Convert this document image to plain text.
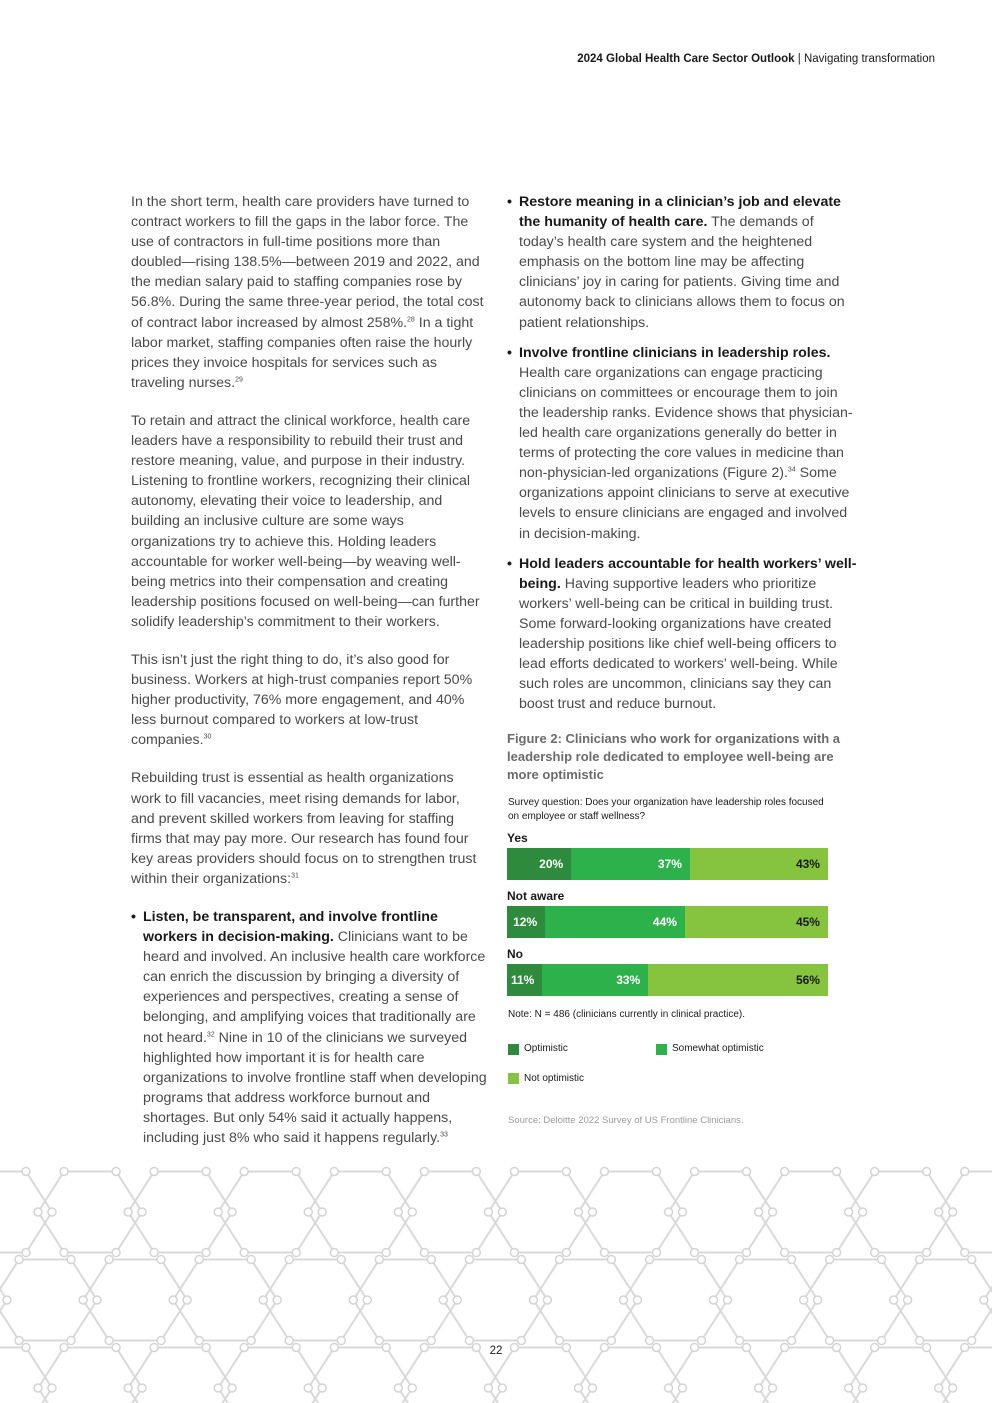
2024 Global Health Care Sector Outlook | Navigating transformation

In the short term, health care providers have turned to contract workers to fill the gaps in the labor force. The use of contractors in full-time positions more than doubled—rising 138.5%—between 2019 and 2022, and the median salary paid to staffing companies rose by 56.8%. During the same three-year period, the total cost of contract labor increased by almost 258%.$^{28}$ In a tight labor market, staffing companies often raise the hourly prices they invoice hospitals for services such as traveling nurses.$^{29}$

To retain and attract the clinical workforce, health care leaders have a responsibility to rebuild their trust and restore meaning, value, and purpose in their industry. Listening to frontline workers, recognizing their clinical autonomy, elevating their voice to leadership, and building an inclusive culture are some ways organizations try to achieve this. Holding leaders accountable for worker well-being—by weaving well-being metrics into their compensation and creating leadership positions focused on well-being—can further solidify leadership’s commitment to their workers.

This isn’t just the right thing to do, it’s also good for business. Workers at high-trust companies report 50% higher productivity, 76% more engagement, and 40% less burnout compared to workers at low-trust companies.$^{30}$

Rebuilding trust is essential as health organizations work to fill vacancies, meet rising demands for labor, and prevent skilled workers from leaving for staffing firms that may pay more. Our research has found four key areas providers should focus on to strengthen trust within their organizations:$^{31}$

• Listen, be transparent, and involve frontline workers in decision-making. Clinicians want to be heard and involved. An inclusive health care workforce can enrich the discussion by bringing a diversity of experiences and perspectives, creating a sense of belonging, and amplifying voices that traditionally are not heard.$^{32}$ Nine in 10 of the clinicians we surveyed highlighted how important it is for health care organizations to involve frontline staff when developing programs that address workforce burnout and shortages. But only 54% said it actually happens, including just 8% who said it happens regularly.$^{33}$
• Restore meaning in a clinician’s job and elevate the humanity of health care. The demands of today’s health care system and the heightened emphasis on the bottom line may be affecting clinicians’ joy in caring for patients. Giving time and autonomy back to clinicians allows them to focus on patient relationships.
• Involve frontline clinicians in leadership roles. Health care organizations can engage practicing clinicians on committees or encourage them to join the leadership ranks. Evidence shows that physician-led health care organizations generally do better in terms of protecting the core values in medicine than non-physician-led organizations (Figure 2).$^{34}$ Some organizations appoint clinicians to serve at executive levels to ensure clinicians are engaged and involved in decision-making.
• Hold leaders accountable for health workers’ well-being. Having supportive leaders who prioritize workers’ well-being can be critical in building trust. Some forward-looking organizations have created leadership positions like chief well-being officers to lead efforts dedicated to workers’ well-being. While such roles are uncommon, clinicians say they can boost trust and reduce burnout.
Figure 2: Clinicians who work for organizations with a leadership role dedicated to employee well-being are more optimistic
Survey question: Does your organization have leadership roles focused on employee or staff wellness?
Yes
20%	37%	43%
Not aware
12%	44%	45%
No
11%	33%	56%
Note: N = 486 (clinicians currently in clinical practice).
Optimistic	Somewhat optimistic
Not optimistic
Source: Deloitte 2022 Survey of US Frontline Clinicians.
22
